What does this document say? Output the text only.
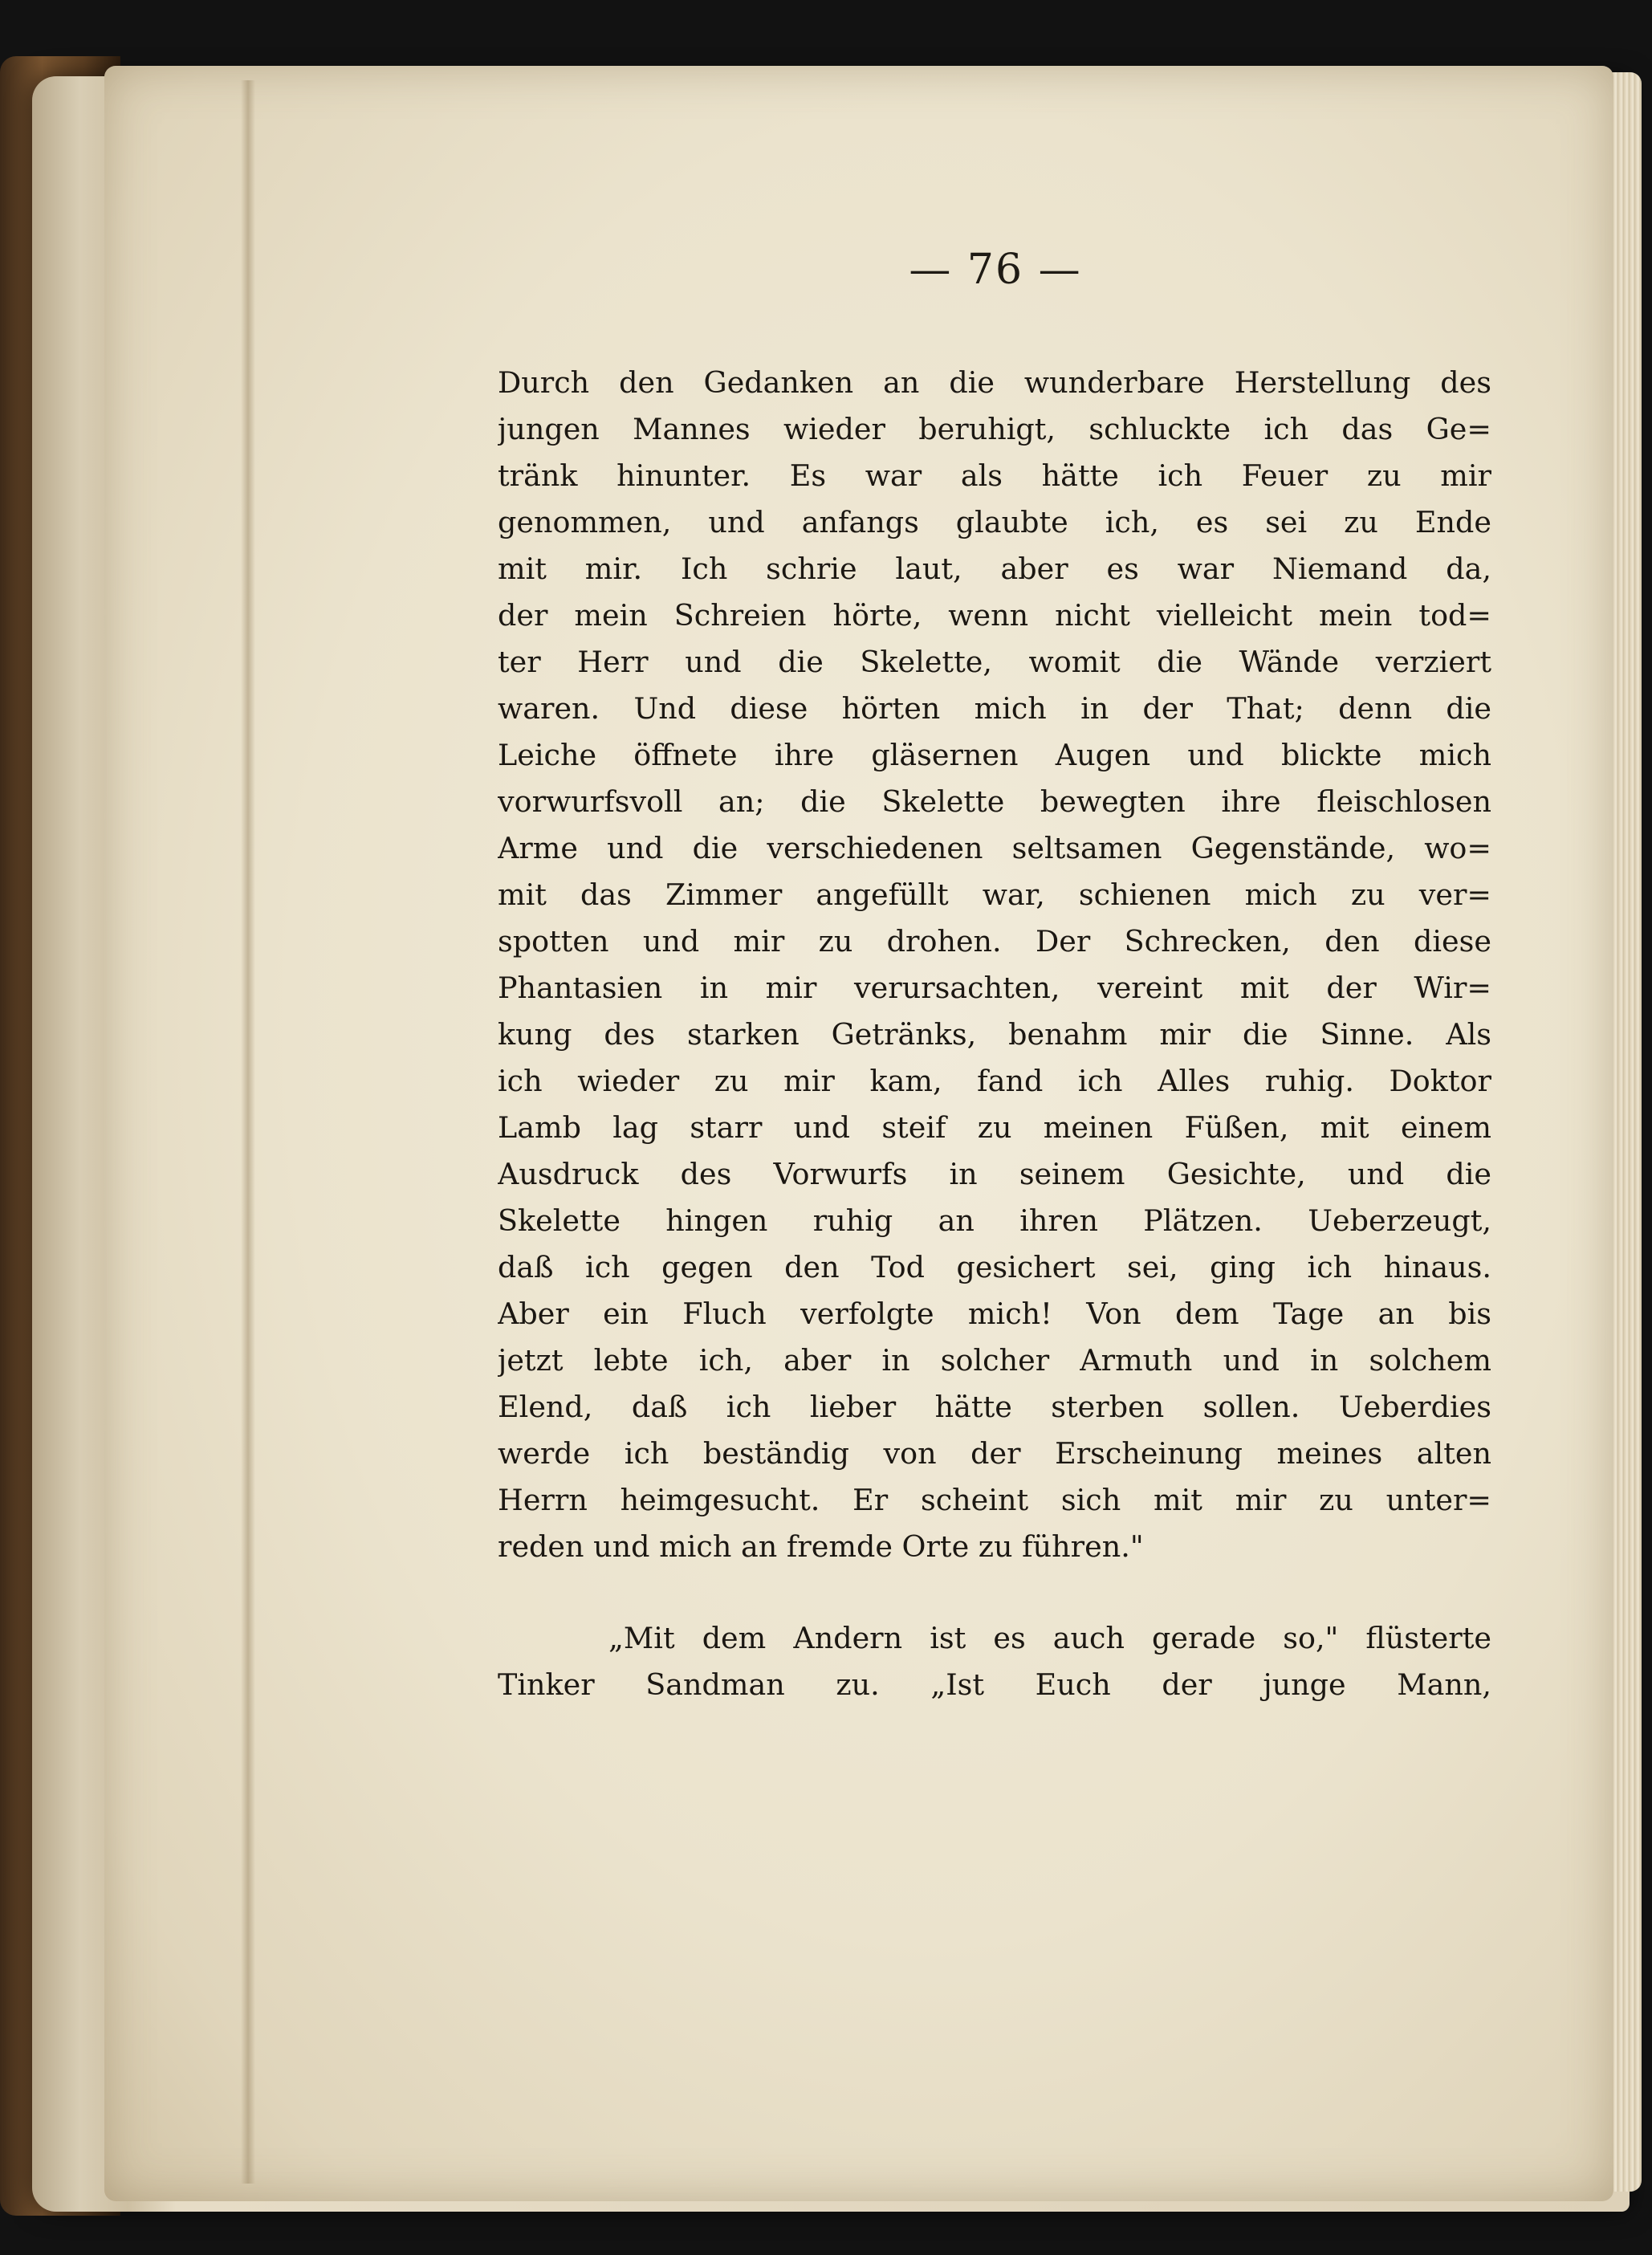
— 76 —
Durch den Gedanken an die wunderbare Herstellung des
jungen Mannes wieder beruhigt, schluckte ich das Ge=
tränk hinunter. Es war als hätte ich Feuer zu mir
genommen, und anfangs glaubte ich, es sei zu Ende
mit mir. Ich schrie laut, aber es war Niemand da,
der mein Schreien hörte, wenn nicht vielleicht mein tod=
ter Herr und die Skelette, womit die Wände verziert
waren. Und diese hörten mich in der That; denn die
Leiche öffnete ihre gläsernen Augen und blickte mich
vorwurfsvoll an; die Skelette bewegten ihre fleischlosen
Arme und die verschiedenen seltsamen Gegenstände, wo=
mit das Zimmer angefüllt war, schienen mich zu ver=
spotten und mir zu drohen. Der Schrecken, den diese
Phantasien in mir verursachten, vereint mit der Wir=
kung des starken Getränks, benahm mir die Sinne. Als
ich wieder zu mir kam, fand ich Alles ruhig. Doktor
Lamb lag starr und steif zu meinen Füßen, mit einem
Ausdruck des Vorwurfs in seinem Gesichte, und die
Skelette hingen ruhig an ihren Plätzen. Ueberzeugt,
daß ich gegen den Tod gesichert sei, ging ich hinaus.
Aber ein Fluch verfolgte mich! Von dem Tage an bis
jetzt lebte ich, aber in solcher Armuth und in solchem
Elend, daß ich lieber hätte sterben sollen. Ueberdies
werde ich beständig von der Erscheinung meines alten
Herrn heimgesucht. Er scheint sich mit mir zu unter=
reden und mich an fremde Orte zu führen."
„Mit dem Andern ist es auch gerade so," flüsterte
Tinker Sandman zu. „Ist Euch der junge Mann,
